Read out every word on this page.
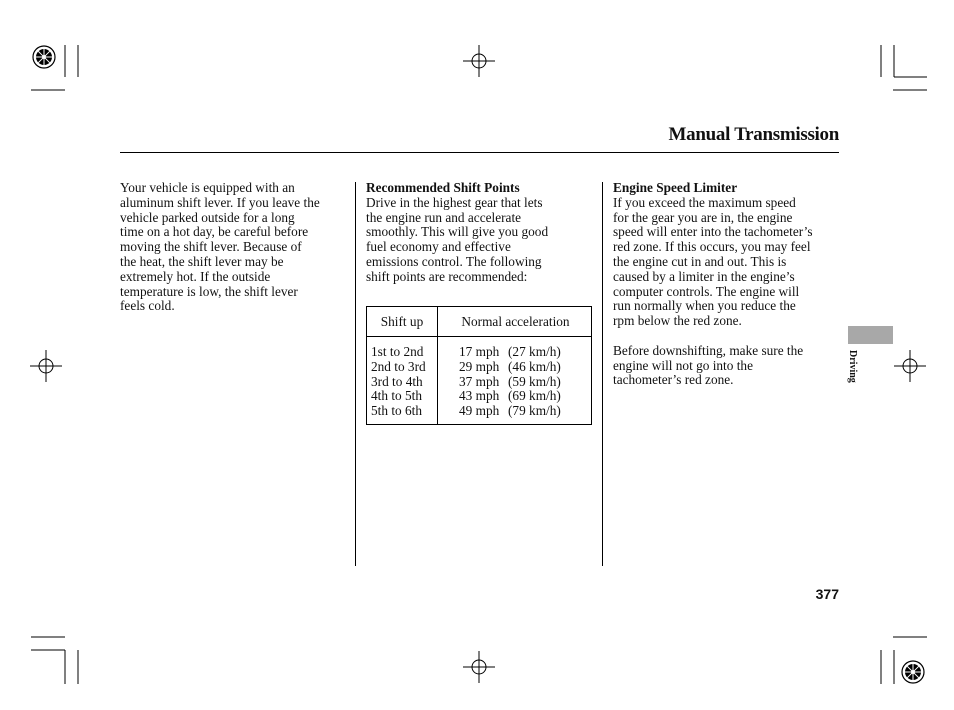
Manual Transmission

Your vehicle is equipped with an

aluminum shift lever. If you leave the

vehicle parked outside for a long

time on a hot day, be careful before

moving the shift lever. Because of

the heat, the shift lever may be

extremely hot. If the outside

temperature is low, the shift lever

feels cold.

Recommended Shift Points

Drive in the highest gear that lets

the engine run and accelerate

smoothly. This will give you good

fuel economy and effective

emissions control. The following

shift points are recommended:

Shift up	Normal acceleration
1st to 2nd
2nd to 3rd
3rd to 4th
4th to 5th
5th to 6th
17 mph
29 mph
37 mph
43 mph
49 mph
(27 km/h)
(46 km/h)
(59 km/h)
(69 km/h)
(79 km/h)

Engine Speed Limiter

If you exceed the maximum speed

for the gear you are in, the engine

speed will enter into the tachometer’s

red zone. If this occurs, you may feel

the engine cut in and out. This is

caused by a limiter in the engine’s

computer controls. The engine will

run normally when you reduce the

rpm below the red zone.

Before downshifting, make sure the

engine will not go into the

tachometer’s red zone.	Driving
377
